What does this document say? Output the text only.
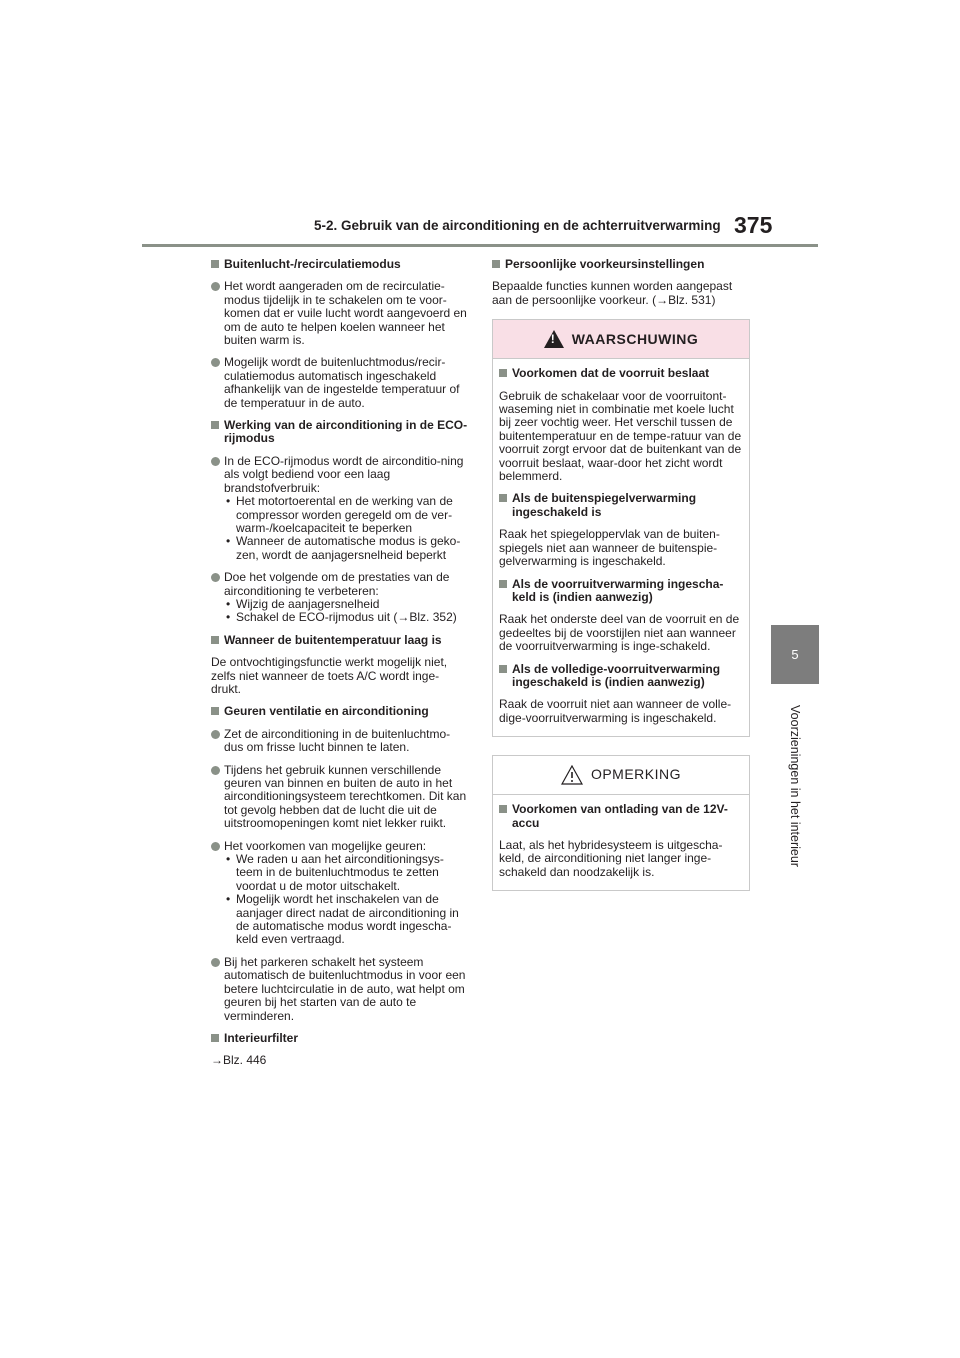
5-2. Gebruik van de airconditioning en de achterruitverwarming 375
5
Voorzieningen in het interieur
Buitenlucht-/recirculatiemodus
Het wordt aangeraden om de recirculatie-modus tijdelijk in te schakelen om te voor-komen dat er vuile lucht wordt aangevoerd en om de auto te helpen koelen wanneer het buiten warm is.
Mogelijk wordt de buitenluchtmodus/recir-culatiemodus automatisch ingeschakeld afhankelijk van de ingestelde temperatuur of de temperatuur in de auto.
Werking van de airconditioning in de ECO-rijmodus
In de ECO-rijmodus wordt de airconditio-ning als volgt bediend voor een laag brandstofverbruik:
• Het motortoerental en de werking van de compressor worden geregeld om de ver-warm-/koelcapaciteit te beperken
• Wanneer de automatische modus is geko-zen, wordt de aanjagersnelheid beperkt
Doe het volgende om de prestaties van de airconditioning te verbeteren:
• Wijzig de aanjagersnelheid
• Schakel de ECO-rijmodus uit (→Blz. 352)
Wanneer de buitentemperatuur laag is
De ontvochtigingsfunctie werkt mogelijk niet, zelfs niet wanneer de toets A/C wordt inge-drukt.
Geuren ventilatie en airconditioning
Zet de airconditioning in de buitenluchtmo-dus om frisse lucht binnen te laten.
Tijdens het gebruik kunnen verschillende geuren van binnen en buiten de auto in het airconditioningsysteem terechtkomen. Dit kan tot gevolg hebben dat de lucht die uit de uitstroomopeningen komt niet lekker ruikt.
Het voorkomen van mogelijke geuren:
• We raden u aan het airconditioningsys-teem in de buitenluchtmodus te zetten voordat u de motor uitschakelt.
• Mogelijk wordt het inschakelen van de aanjager direct nadat de airconditioning in de automatische modus wordt ingescha-keld even vertraagd.
Bij het parkeren schakelt het systeem automatisch de buitenluchtmodus in voor een betere luchtcirculatie in de auto, wat helpt om geuren bij het starten van de auto te verminderen.
Interieurfilter
→Blz. 446
Persoonlijke voorkeursinstellingen
Bepaalde functies kunnen worden aangepast aan de persoonlijke voorkeur. (→Blz. 531)
! WAARSCHUWING
Voorkomen dat de voorruit beslaat
Gebruik de schakelaar voor de voorruitont-waseming niet in combinatie met koele lucht bij zeer vochtig weer. Het verschil tussen de buitentemperatuur en de tempe-ratuur van de voorruit zorgt ervoor dat de buitenkant van de voorruit beslaat, waar-door het zicht wordt belemmerd.
Als de buitenspiegelverwarming ingeschakeld is
Raak het spiegeloppervlak van de buiten-spiegels niet aan wanneer de buitenspie-gelverwarming is ingeschakeld.
Als de voorruitverwarming ingescha-keld is (indien aanwezig)
Raak het onderste deel van de voorruit en de gedeeltes bij de voorstijlen niet aan wanneer de voorruitverwarming is inge-schakeld.
Als de volledige-voorruitverwarming ingeschakeld is (indien aanwezig)
Raak de voorruit niet aan wanneer de volle-dige-voorruitverwarming is ingeschakeld.
OPMERKING
Voorkomen van ontlading van de 12V-accu
Laat, als het hybridesysteem is uitgescha-keld, de airconditioning niet langer inge-schakeld dan noodzakelijk is.
